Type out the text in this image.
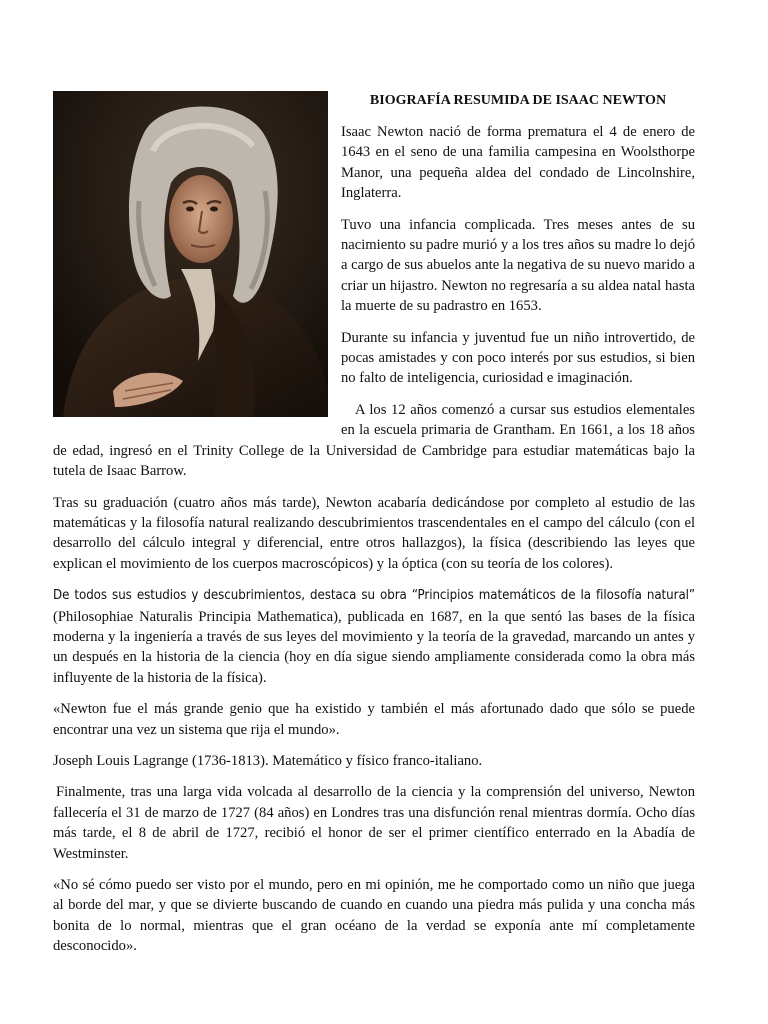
BIOGRAFÍA RESUMIDA DE ISAAC NEWTON

Isaac Newton nació de forma prematura el 4 de enero de 1643 en el seno de una familia campesina en Woolsthorpe Manor, una pequeña aldea del condado de Lincolnshire, Inglaterra.

Tuvo una infancia complicada. Tres meses antes de su nacimiento su padre murió y a los tres años su madre lo dejó a cargo de sus abuelos ante la negativa de su nuevo marido a criar un hijastro. Newton no regresaría a su aldea natal hasta la muerte de su padrastro en 1653.

Durante su infancia y juventud fue un niño introvertido, de pocas amistades y con poco interés por sus estudios, si bien no falto de inteligencia, curiosidad e imaginación.

A los 12 años comenzó a cursar sus estudios elementales en la escuela primaria de Grantham. En 1661, a los 18 años de edad, ingresó en el Trinity College de la Universidad de Cambridge para estudiar matemáticas bajo la tutela de Isaac Barrow.

Tras su graduación (cuatro años más tarde), Newton acabaría dedicándose por completo al estudio de las matemáticas y la filosofía natural realizando descubrimientos trascendentales en el campo del cálculo (con el desarrollo del cálculo integral y diferencial, entre otros hallazgos), la física (describiendo las leyes que explican el movimiento de los cuerpos macroscópicos) y la óptica (con su teoría de los colores).

De todos sus estudios y descubrimientos, destaca su obra “Principios matemáticos de la filosofía natural” (Philosophiae Naturalis Principia Mathematica), publicada en 1687, en la que sentó las bases de la física moderna y la ingeniería a través de sus leyes del movimiento y la teoría de la gravedad, marcando un antes y un después en la historia de la ciencia (hoy en día sigue siendo ampliamente considerada como la obra más influyente de la historia de la física).

«Newton fue el más grande genio que ha existido y también el más afortunado dado que sólo se puede encontrar una vez un sistema que rija el mundo».

Joseph Louis Lagrange (1736-1813). Matemático y físico franco-italiano.

Finalmente, tras una larga vida volcada al desarrollo de la ciencia y la comprensión del universo, Newton fallecería el 31 de marzo de 1727 (84 años) en Londres tras una disfunción renal mientras dormía. Ocho días más tarde, el 8 de abril de 1727, recibió el honor de ser el primer científico enterrado en la Abadía de Westminster.

«No sé cómo puedo ser visto por el mundo, pero en mi opinión, me he comportado como un niño que juega al borde del mar, y que se divierte buscando de cuando en cuando una piedra más pulida y una concha más bonita de lo normal, mientras que el gran océano de la verdad se exponía ante mí completamente desconocido».
